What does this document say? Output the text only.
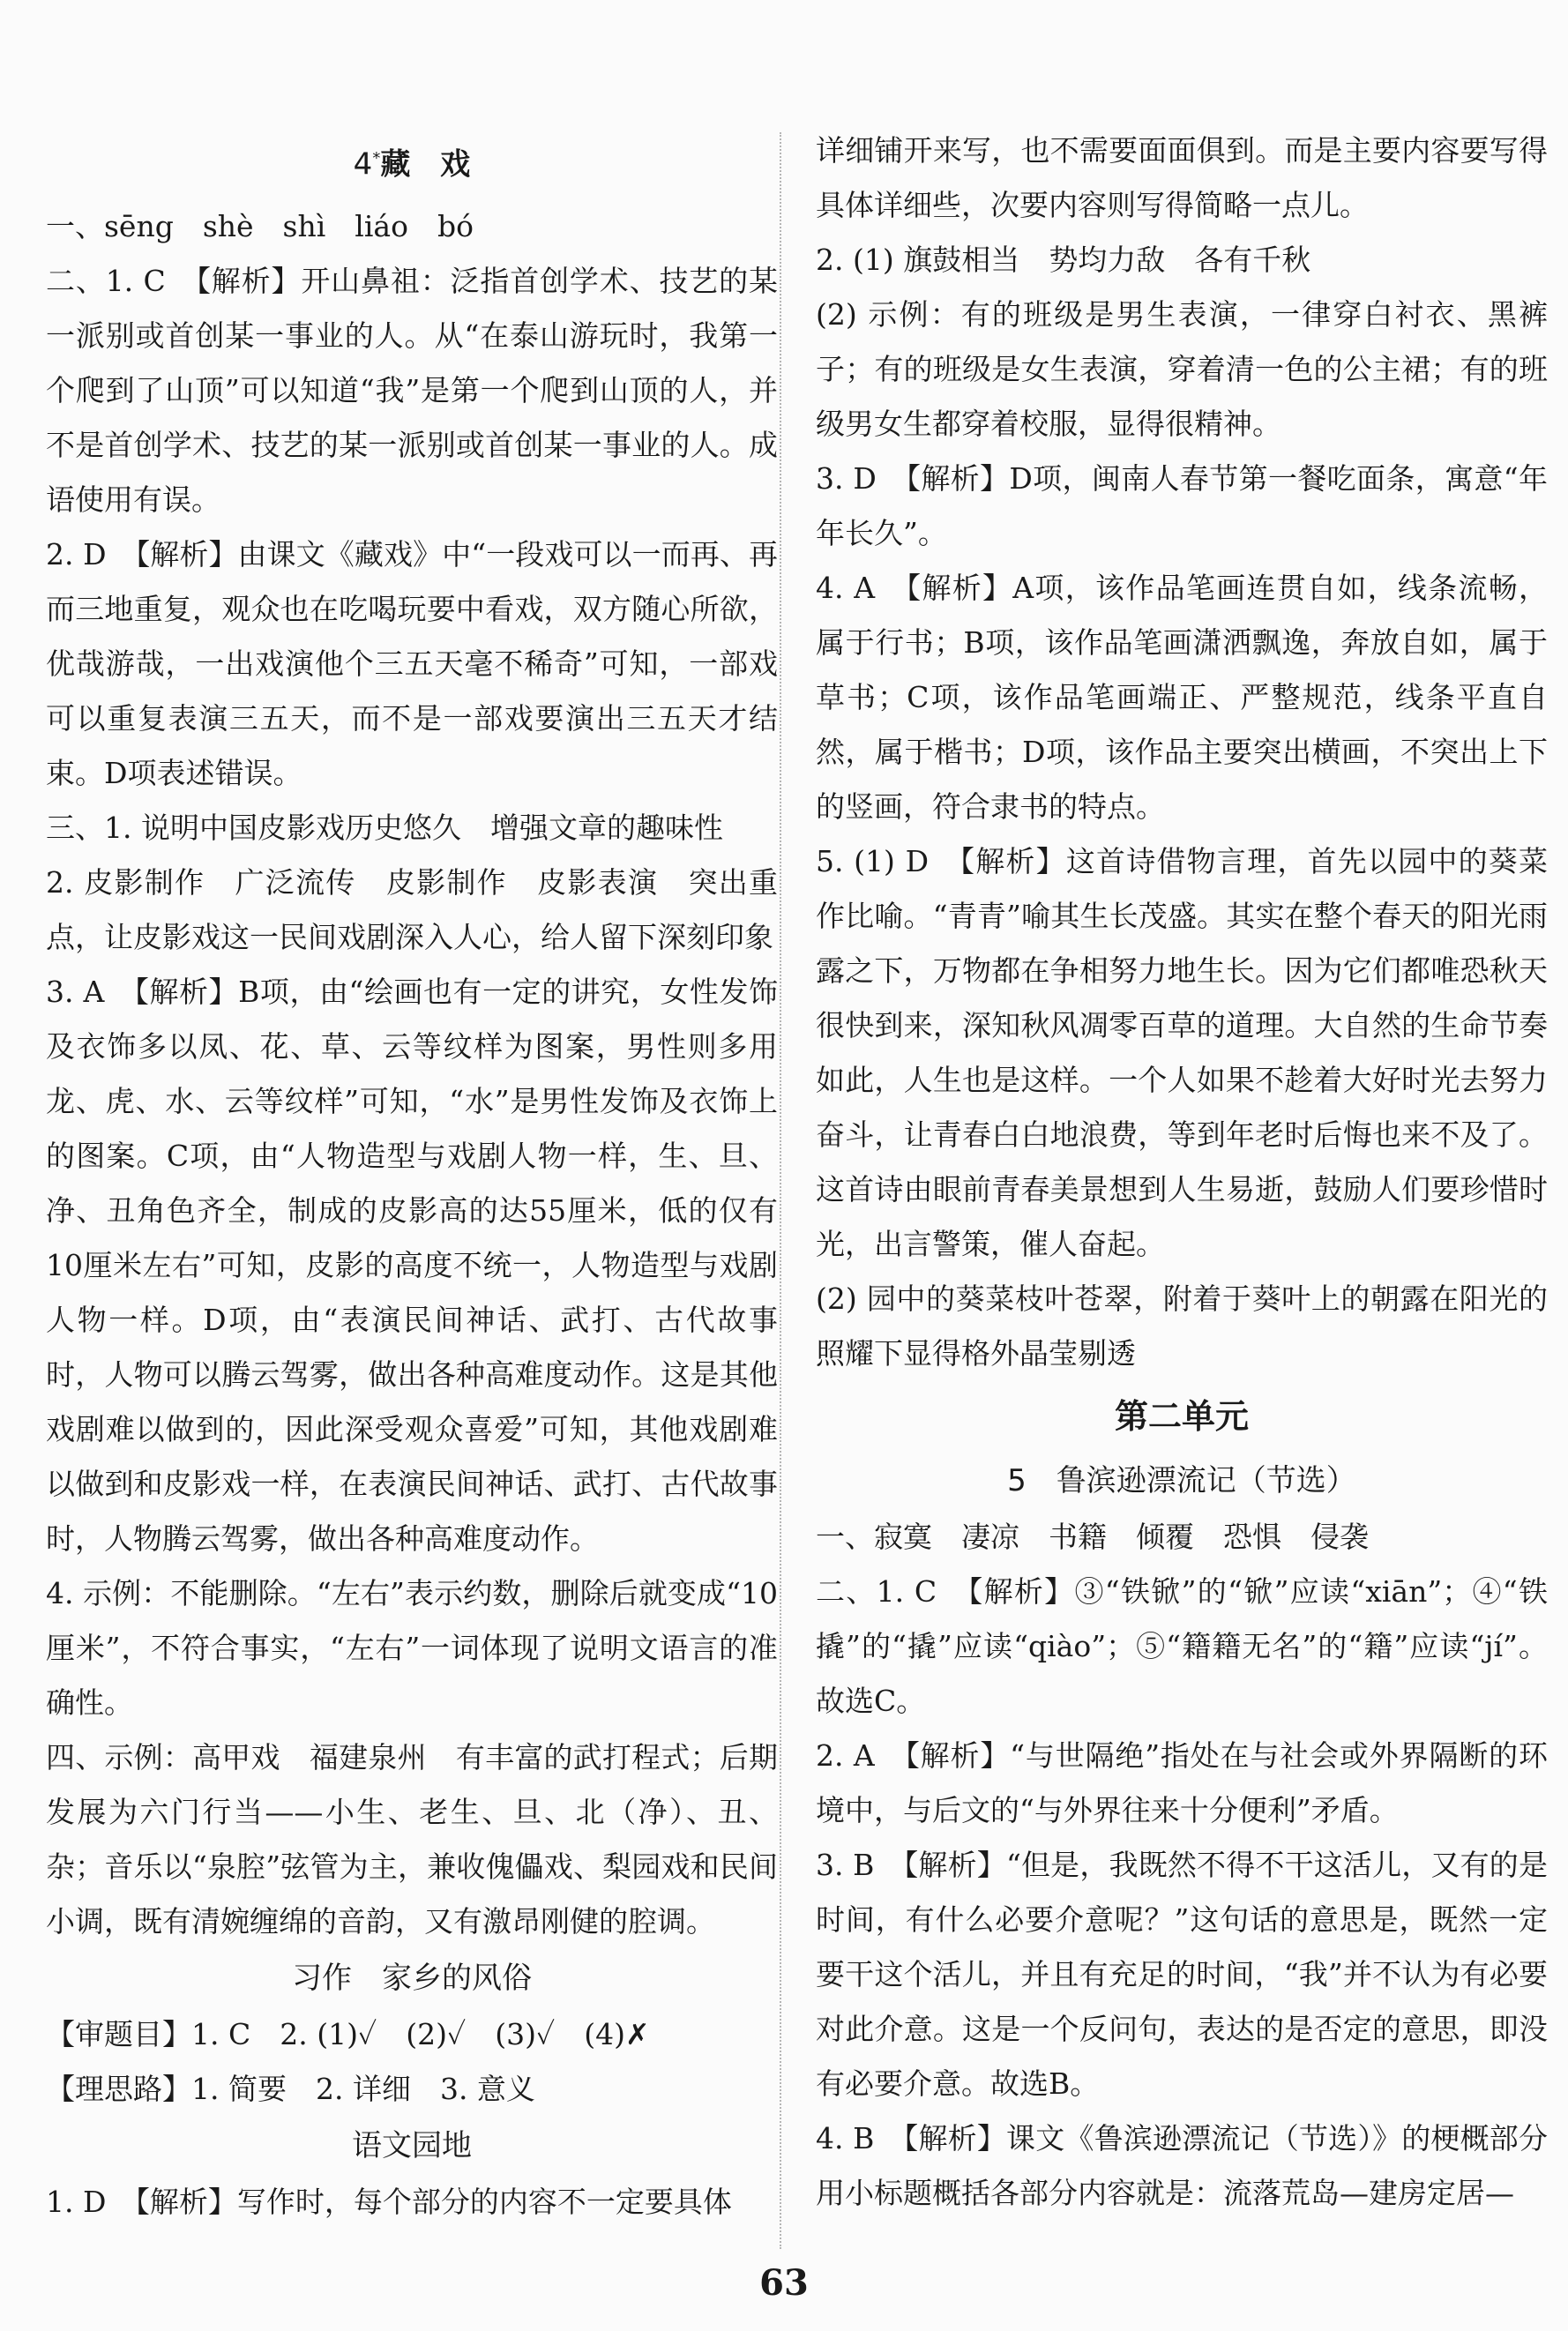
4*藏　戏

一、sēng　shè　shì　liáo　bó

二、1. C　【解析】开山鼻祖：泛指首创学术、技艺的某一派别或首创某一事业的人。从“在泰山游玩时，我第一个爬到了山顶”可以知道“我”是第一个爬到山顶的人，并不是首创学术、技艺的某一派别或首创某一事业的人。成语使用有误。

2. D　【解析】由课文《藏戏》中“一段戏可以一而再、再而三地重复，观众也在吃喝玩要中看戏，双方随心所欲，优哉游哉，一出戏演他个三五天毫不稀奇”可知，一部戏可以重复表演三五天，而不是一部戏要演出三五天才结束。D项表述错误。

三、1. 说明中国皮影戏历史悠久　增强文章的趣味性

2. 皮影制作　广泛流传　皮影制作　皮影表演　突出重点，让皮影戏这一民间戏剧深入人心，给人留下深刻印象

3. A　【解析】B项，由“绘画也有一定的讲究，女性发饰及衣饰多以凤、花、草、云等纹样为图案，男性则多用龙、虎、水、云等纹样”可知，“水”是男性发饰及衣饰上的图案。C项，由“人物造型与戏剧人物一样，生、旦、净、丑角色齐全，制成的皮影高的达55厘米，低的仅有10厘米左右”可知，皮影的高度不统一，人物造型与戏剧人物一样。D项，由“表演民间神话、武打、古代故事时，人物可以腾云驾雾，做出各种高难度动作。这是其他戏剧难以做到的，因此深受观众喜爱”可知，其他戏剧难以做到和皮影戏一样，在表演民间神话、武打、古代故事时，人物腾云驾雾，做出各种高难度动作。

4. 示例：不能删除。“左右”表示约数，删除后就变成“10厘米”，不符合事实，“左右”一词体现了说明文语言的准确性。

四、示例：高甲戏　福建泉州　有丰富的武打程式；后期发展为六门行当——小生、老生、旦、北（净）、丑、杂；音乐以“泉腔”弦管为主，兼收傀儡戏、梨园戏和民间小调，既有清婉缠绵的音韵，又有激昂刚健的腔调。

习作　家乡的风俗

【审题目】1. C　2. (1)✓　(2)✓　(3)✓　(4)✗

【理思路】1. 简要　2. 详细　3. 意义

语文园地

1. D　【解析】写作时，每个部分的内容不一定要具体

详细铺开来写，也不需要面面俱到。而是主要内容要写得具体详细些，次要内容则写得简略一点儿。

2. (1) 旗鼓相当　势均力敌　各有千秋

(2) 示例：有的班级是男生表演，一律穿白衬衣、黑裤子；有的班级是女生表演，穿着清一色的公主裙；有的班级男女生都穿着校服，显得很精神。

3. D　【解析】D项，闽南人春节第一餐吃面条，寓意“年年长久”。

4. A　【解析】A项，该作品笔画连贯自如，线条流畅，属于行书；B项，该作品笔画潇洒飘逸，奔放自如，属于草书；C项，该作品笔画端正、严整规范，线条平直自然，属于楷书；D项，该作品主要突出横画，不突出上下的竖画，符合隶书的特点。

5. (1) D　【解析】这首诗借物言理，首先以园中的葵菜作比喻。“青青”喻其生长茂盛。其实在整个春天的阳光雨露之下，万物都在争相努力地生长。因为它们都唯恐秋天很快到来，深知秋风凋零百草的道理。大自然的生命节奏如此，人生也是这样。一个人如果不趁着大好时光去努力奋斗，让青春白白地浪费，等到年老时后悔也来不及了。这首诗由眼前青春美景想到人生易逝，鼓励人们要珍惜时光，出言警策，催人奋起。

(2) 园中的葵菜枝叶苍翠，附着于葵叶上的朝露在阳光的照耀下显得格外晶莹剔透

第二单元

5　鲁滨逊漂流记（节选）

一、寂寞　凄凉　书籍　倾覆　恐惧　侵袭

二、1. C　【解析】③“铁锨”的“锨”应读“xiān”；④“铁撬”的“撬”应读“qiào”；⑤“籍籍无名”的“籍”应读“jí”。故选C。

2. A　【解析】“与世隔绝”指处在与社会或外界隔断的环境中，与后文的“与外界往来十分便利”矛盾。

3. B　【解析】“但是，我既然不得不干这活儿，又有的是时间，有什么必要介意呢？”这句话的意思是，既然一定要干这个活儿，并且有充足的时间，“我”并不认为有必要对此介意。这是一个反问句，表达的是否定的意思，即没有必要介意。故选B。

4. B　【解析】课文《鲁滨逊漂流记（节选）》的梗概部分用小标题概括各部分内容就是：流落荒岛—建房定居—

63
